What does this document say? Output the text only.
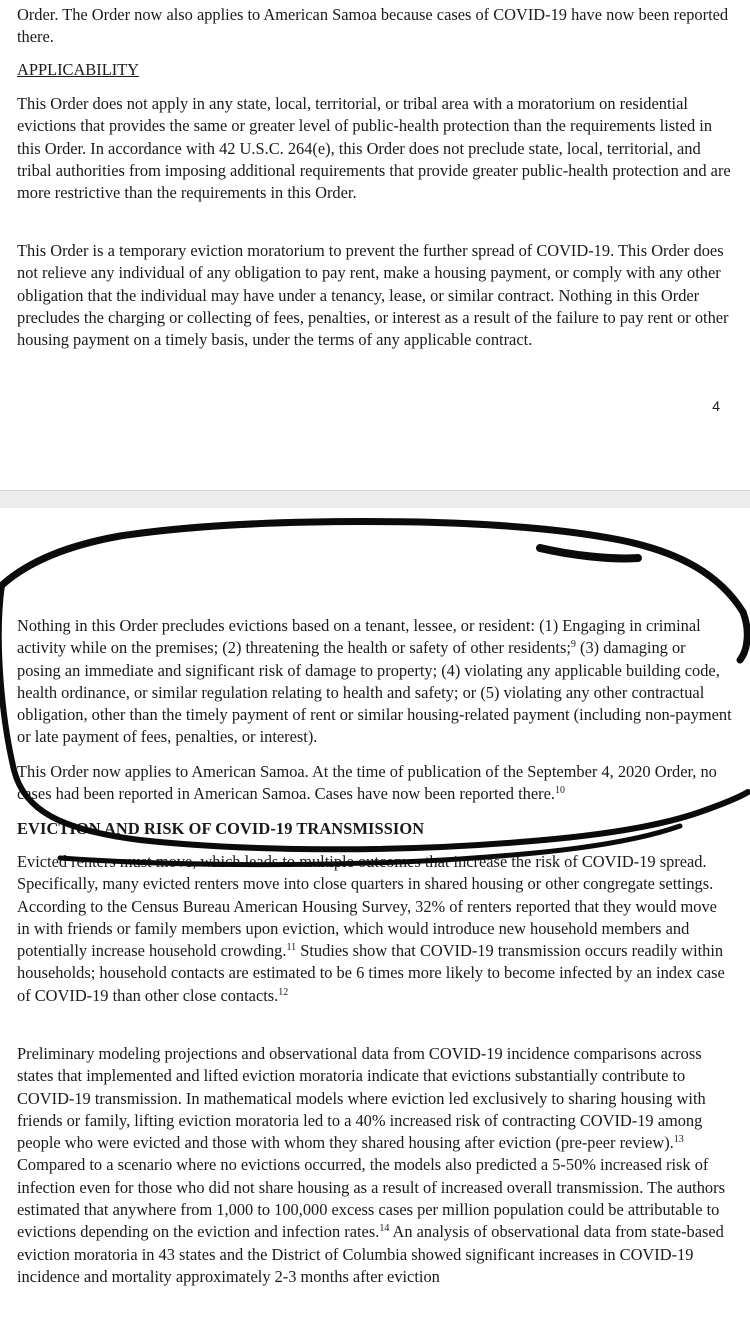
Order. The Order now also applies to American Samoa because cases of COVID-19 have now been reported there.

APPLICABILITY

This Order does not apply in any state, local, territorial, or tribal area with a moratorium on residential evictions that provides the same or greater level of public-health protection than the requirements listed in this Order. In accordance with 42 U.S.C. 264(e), this Order does not preclude state, local, territorial, and tribal authorities from imposing additional requirements that provide greater public-health protection and are more restrictive than the requirements in this Order.

This Order is a temporary eviction moratorium to prevent the further spread of COVID-19. This Order does not relieve any individual of any obligation to pay rent, make a housing payment, or comply with any other obligation that the individual may have under a tenancy, lease, or similar contract. Nothing in this Order precludes the charging or collecting of fees, penalties, or interest as a result of the failure to pay rent or other housing payment on a timely basis, under the terms of any applicable contract.

4

Nothing in this Order precludes evictions based on a tenant, lessee, or resident: (1) Engaging in criminal activity while on the premises; (2) threatening the health or safety of other residents;$^9$ (3) damaging or posing an immediate and significant risk of damage to property; (4) violating any applicable building code, health ordinance, or similar regulation relating to health and safety; or (5) violating any other contractual obligation, other than the timely payment of rent or similar housing-related payment (including non-payment or late payment of fees, penalties, or interest).

This Order now applies to American Samoa. At the time of publication of the September 4, 2020 Order, no cases had been reported in American Samoa. Cases have now been reported there.$^{10}$

EVICTION AND RISK OF COVID-19 TRANSMISSION

Evicted renters must move, which leads to multiple outcomes that increase the risk of COVID-19 spread. Specifically, many evicted renters move into close quarters in shared housing or other congregate settings. According to the Census Bureau American Housing Survey, 32% of renters reported that they would move in with friends or family members upon eviction, which would introduce new household members and potentially increase household crowding.$^{11}$ Studies show that COVID-19 transmission occurs readily within households; household contacts are estimated to be 6 times more likely to become infected by an index case of COVID-19 than other close contacts.$^{12}$

Preliminary modeling projections and observational data from COVID-19 incidence comparisons across states that implemented and lifted eviction moratoria indicate that evictions substantially contribute to COVID-19 transmission. In mathematical models where eviction led exclusively to sharing housing with friends or family, lifting eviction moratoria led to a 40% increased risk of contracting COVID-19 among people who were evicted and those with whom they shared housing after eviction (pre-peer review).$^{13}$ Compared to a scenario where no evictions occurred, the models also predicted a 5-50% increased risk of infection even for those who did not share housing as a result of increased overall transmission. The authors estimated that anywhere from 1,000 to 100,000 excess cases per million population could be attributable to evictions depending on the eviction and infection rates.$^{14}$ An analysis of observational data from state-based eviction moratoria in 43 states and the District of Columbia showed significant increases in COVID-19 incidence and mortality approximately 2-3 months after eviction
